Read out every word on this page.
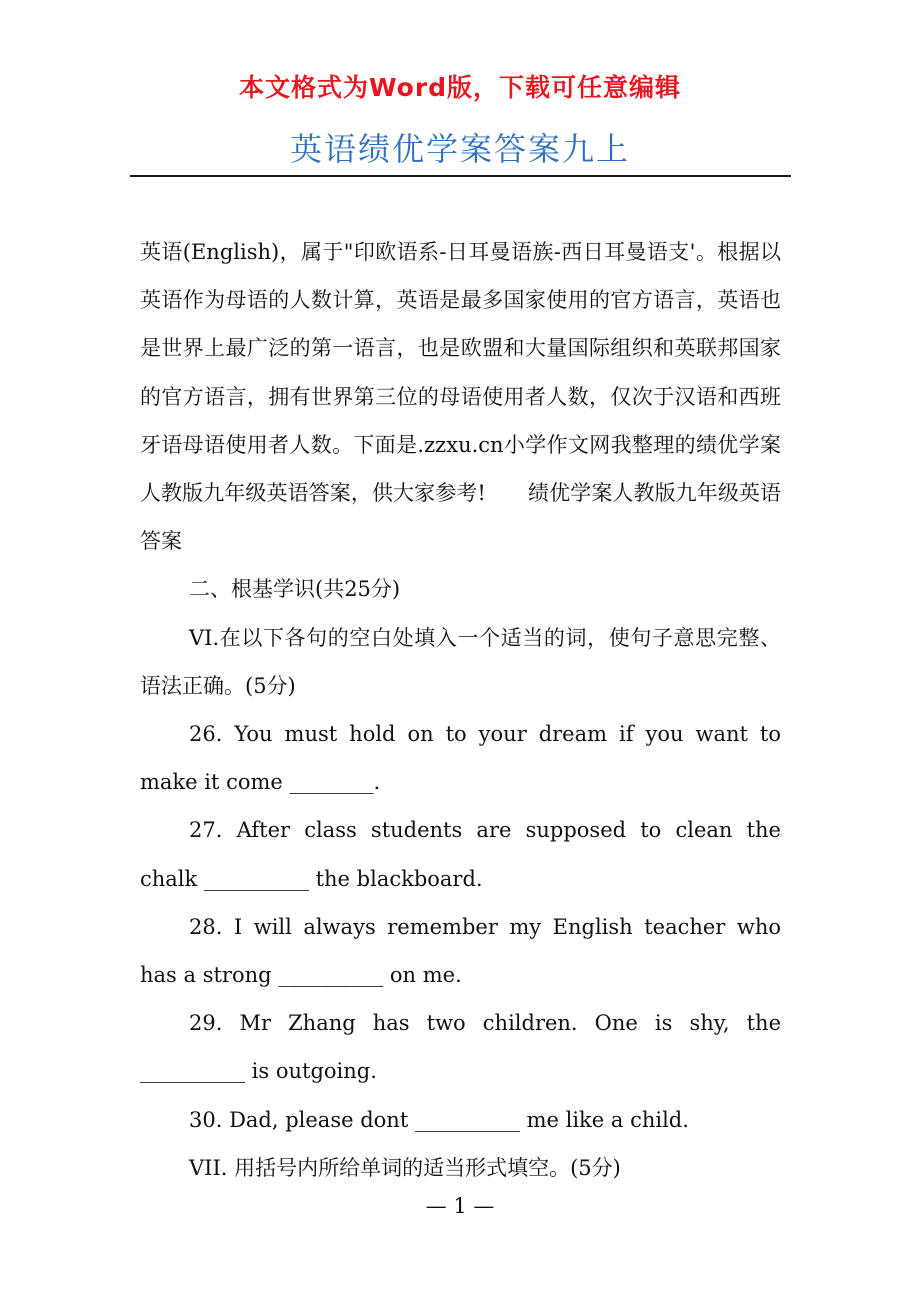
本文格式为Word版，下载可任意编辑
英语绩优学案答案九上

英语(English)，属于"印欧语系-日耳曼语族-西日耳曼语支'。根据以英语作为母语的人数计算，英语是最多国家使用的官方语言，英语也是世界上最广泛的第一语言，也是欧盟和大量国际组织和英联邦国家的官方语言，拥有世界第三位的母语使用者人数，仅次于汉语和西班牙语母语使用者人数。下面是.zzxu.cn小学作文网我整理的绩优学案人教版九年级英语答案，供大家参考!　　绩优学案人教版九年级英语答案

二、根基学识(共25分)

VI.在以下各句的空白处填入一个适当的词，使句子意思完整、语法正确。(5分)

26. You must hold on to your dream if you want to make it come ________.

27. After class students are supposed to clean the chalk __________ the blackboard.

28. I will always remember my English teacher who has a strong __________ on me.

29. Mr Zhang has two children. One is shy, the __________ is outgoing.

30. Dad, please dont __________ me like a child.

VII. 用括号内所给单词的适当形式填空。(5分)

— 1 —
